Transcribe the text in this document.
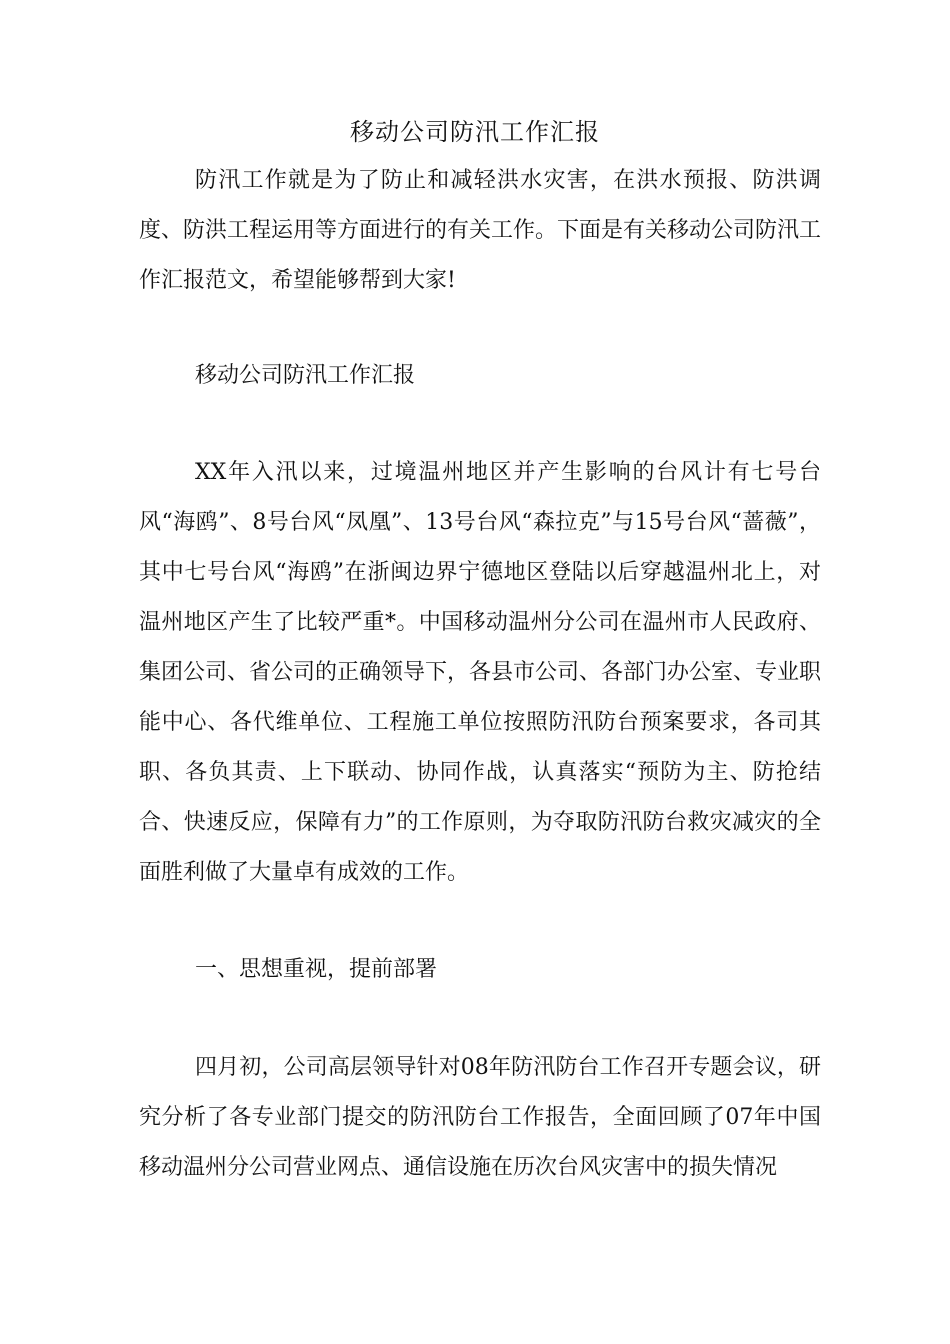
移动公司防汛工作汇报

防汛工作就是为了防止和减轻洪水灾害，在洪水预报、防洪调度、防洪工程运用等方面进行的有关工作。下面是有关移动公司防汛工作汇报范文，希望能够帮到大家!

移动公司防汛工作汇报

XX年入汛以来，过境温州地区并产生影响的台风计有七号台风“海鸥”、8号台风“凤凰”、13号台风“森拉克”与15号台风“蔷薇”，其中七号台风“海鸥”在浙闽边界宁德地区登陆以后穿越温州北上，对温州地区产生了比较严重*。中国移动温州分公司在温州市人民政府、集团公司、省公司的正确领导下，各县市公司、各部门办公室、专业职能中心、各代维单位、工程施工单位按照防汛防台预案要求，各司其职、各负其责、上下联动、协同作战，认真落实“预防为主、防抢结合、快速反应，保障有力”的工作原则，为夺取防汛防台救灾减灾的全面胜利做了大量卓有成效的工作。

一、思想重视，提前部署

四月初，公司高层领导针对08年防汛防台工作召开专题会议，研究分析了各专业部门提交的防汛防台工作报告，全面回顾了07年中国移动温州分公司营业网点、通信设施在历次台风灾害中的损失情况
